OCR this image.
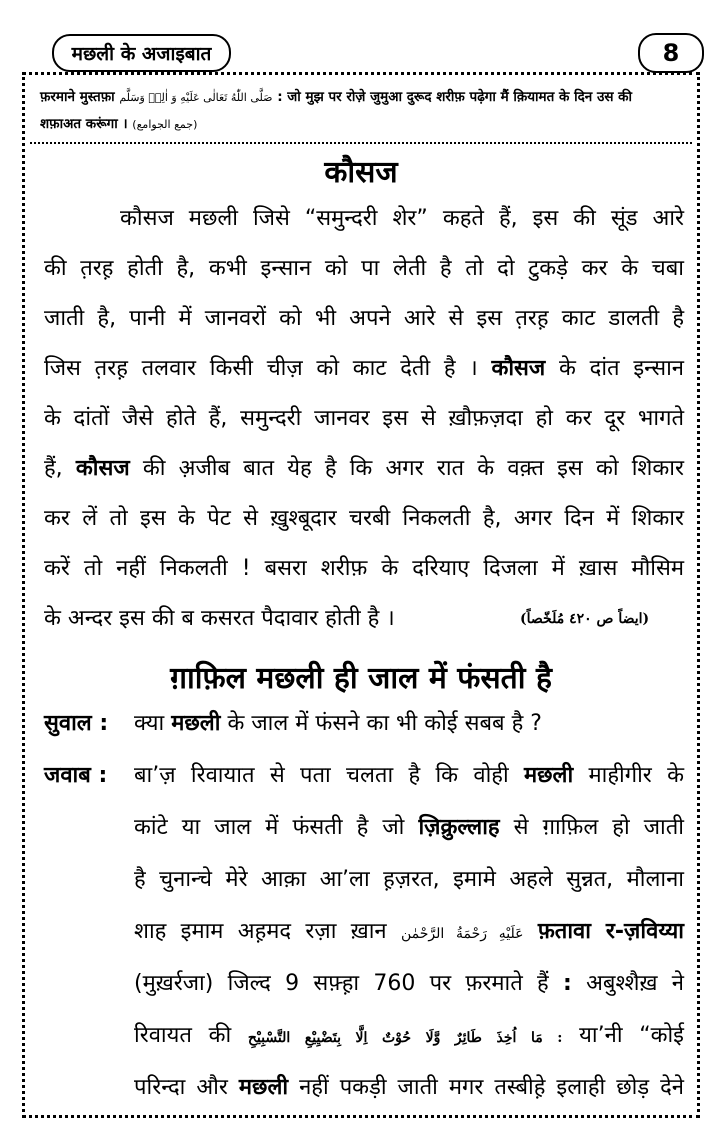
मछली के अजाइबात	8
फ़रमाने मुस्तफ़ा صَلَّى اللّٰهُ تَعَالٰى عَلَيْهِ وَ اٰلِهٖ وَسَلَّم : जो मुझ पर रोज़े जुमुआ दुरूद शरीफ़ पढ़ेगा मैं क़ियामत के दिन उस की
शफ़ाअत करूंगा । (جمع الجوامع)
कौसज
कौसज मछली जिसे “समुन्दरी शेर” कहते हैं, इस की सूंड आरे
की त़रह़ होती है, कभी इन्सान को पा लेती है तो दो टुकड़े कर के चबा
जाती है, पानी में जानवरों को भी अपने आरे से इस त़रह़ काट डालती है
जिस त़रह़ तलवार किसी चीज़ को काट देती है । कौसज के दांत इन्सान
के दांतों जैसे होते हैं, समुन्दरी जानवर इस से ख़ौफ़ज़दा हो कर दूर भागते
हैं, कौसज की अ़जीब बात येह है कि अगर रात के वक़्त इस को शिकार
कर लें तो इस के पेट से ख़ुश्बूदार चरबी निकलती है, अगर दिन में शिकार
करें तो नहीं निकलती ! बसरा शरीफ़ के दरियाए दिजला में ख़ास मौसिम
के अन्दर इस की ब कसरत पैदावार होती है ।	(ایضاً ص ٤٢٠ مُلَخّصاً)
ग़ाफ़िल मछली ही जाल में फंसती है
सुवाल : क्या मछली के जाल में फंसने का भी कोई सबब है ?
जवाब : बा’ज़ रिवायात से पता चलता है कि वोही मछली माहीगीर के
कांटे या जाल में फंसती है जो ज़िक्रुल्लाह से ग़ाफ़िल हो जाती
है चुनान्चे मेरे आक़ा आ’ला ह़ज़रत, इमामे अहले सुन्नत, मौलाना
शाह इमाम अह़मद रज़ा ख़ान عَلَيْهِ رَحْمَةُ الرَّحْمٰن फ़तावा र-ज़विय्या
(मुख़र्रजा) जिल्द 9 सफ़्ह़ा 760 पर फ़रमाते हैं : अबुश्शैख़ ने
रिवायत की مَا اُخِذَ طَائِرٌ وَّلَا حُوْتٌ اِلَّا بِتَضْيِيْعِ التَّسْبِيْحِ : या’नी “कोई
परिन्दा और मछली नहीं पकड़ी जाती मगर तस्बीह़े इलाही छोड़ देने
